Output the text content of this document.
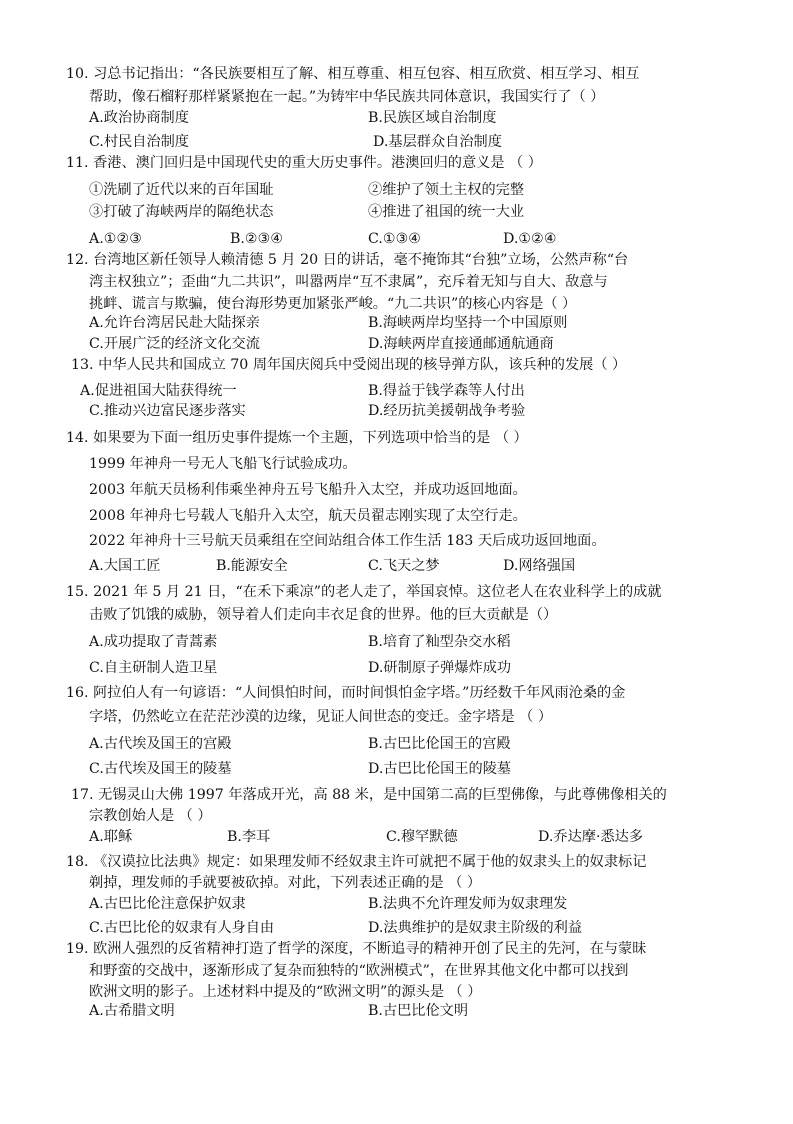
10. 习总书记指出：“各民族要相互了解、相互尊重、相互包容、相互欣赏、相互学习、相互
帮助，像石榴籽那样紧紧抱在一起。”为铸牢中华民族共同体意识，我国实行了（ ）
A.政治协商制度	B.民族区域自治制度
C.村民自治制度	D.基层群众自治制度
11. 香港、澳门回归是中国现代史的重大历史事件。港澳回归的意义是 （ ）
①洗刷了近代以来的百年国耻	②维护了领土主权的完整
③打破了海峡两岸的隔绝状态	④推进了祖国的统一大业
A.①②③	B.②③④	C.①③④	D.①②④
12. 台湾地区新任领导人赖清德 5 月 20 日的讲话，毫不掩饰其“台独”立场，公然声称“台
湾主权独立”；歪曲“九二共识”，叫嚣两岸“互不隶属”，充斥着无知与自大、敌意与
挑衅、谎言与欺骗，使台海形势更加紧张严峻。“九二共识”的核心内容是（ ）
A.允许台湾居民赴大陆探亲	B.海峡两岸均坚持一个中国原则
C.开展广泛的经济文化交流	D.海峡两岸直接通邮通航通商
13. 中华人民共和国成立 70 周年国庆阅兵中受阅出现的核导弹方队，该兵种的发展（ ）
A.促进祖国大陆获得统一	B.得益于钱学森等人付出
C.推动兴边富民逐步落实	D.经历抗美援朝战争考验
14. 如果要为下面一组历史事件提炼一个主题，下列选项中恰当的是 （ ）
1999 年神舟一号无人飞船飞行试验成功。
2003 年航天员杨利伟乘坐神舟五号飞船升入太空，并成功返回地面。
2008 年神舟七号载人飞船升入太空，航天员翟志刚实现了太空行走。
2022 年神舟十三号航天员乘组在空间站组合体工作生活 183 天后成功返回地面。
A.大国工匠	B.能源安全	C.飞天之梦	D.网络强国
15. 2021 年 5 月 21 日，“在禾下乘凉”的老人走了，举国哀悼。这位老人在农业科学上的成就
击败了饥饿的威胁，领导着人们走向丰衣足食的世界。他的巨大贡献是（）
A.成功提取了青蒿素	B.培育了籼型杂交水稻
C.自主研制人造卫星	D.研制原子弹爆炸成功
16. 阿拉伯人有一句谚语：“人间惧怕时间，而时间惧怕金字塔。”历经数千年风雨沧桑的金
字塔，仍然屹立在茫茫沙漠的边缘，见证人间世态的变迁。金字塔是 （ ）
A.古代埃及国王的宫殿	B.古巴比伦国王的宫殿
C.古代埃及国王的陵墓	D.古巴比伦国王的陵墓
17. 无锡灵山大佛 1997 年落成开光，高 88 米，是中国第二高的巨型佛像，与此尊佛像相关的
宗教创始人是 （ ）
A.耶稣	B.李耳	C.穆罕默德	D.乔达摩·悉达多
18. 《汉谟拉比法典》规定：如果理发师不经奴隶主许可就把不属于他的奴隶头上的奴隶标记
剃掉，理发师的手就要被砍掉。对此，下列表述正确的是 （ ）
A.古巴比伦注意保护奴隶	B.法典不允许理发师为奴隶理发
C.古巴比伦的奴隶有人身自由	D.法典维护的是奴隶主阶级的利益
19. 欧洲人强烈的反省精神打造了哲学的深度，不断追寻的精神开创了民主的先河，在与蒙昧
和野蛮的交战中，逐渐形成了复杂而独特的“欧洲模式”，在世界其他文化中都可以找到
欧洲文明的影子。上述材料中提及的“欧洲文明”的源头是 （ ）
A.古希腊文明	B.古巴比伦文明
